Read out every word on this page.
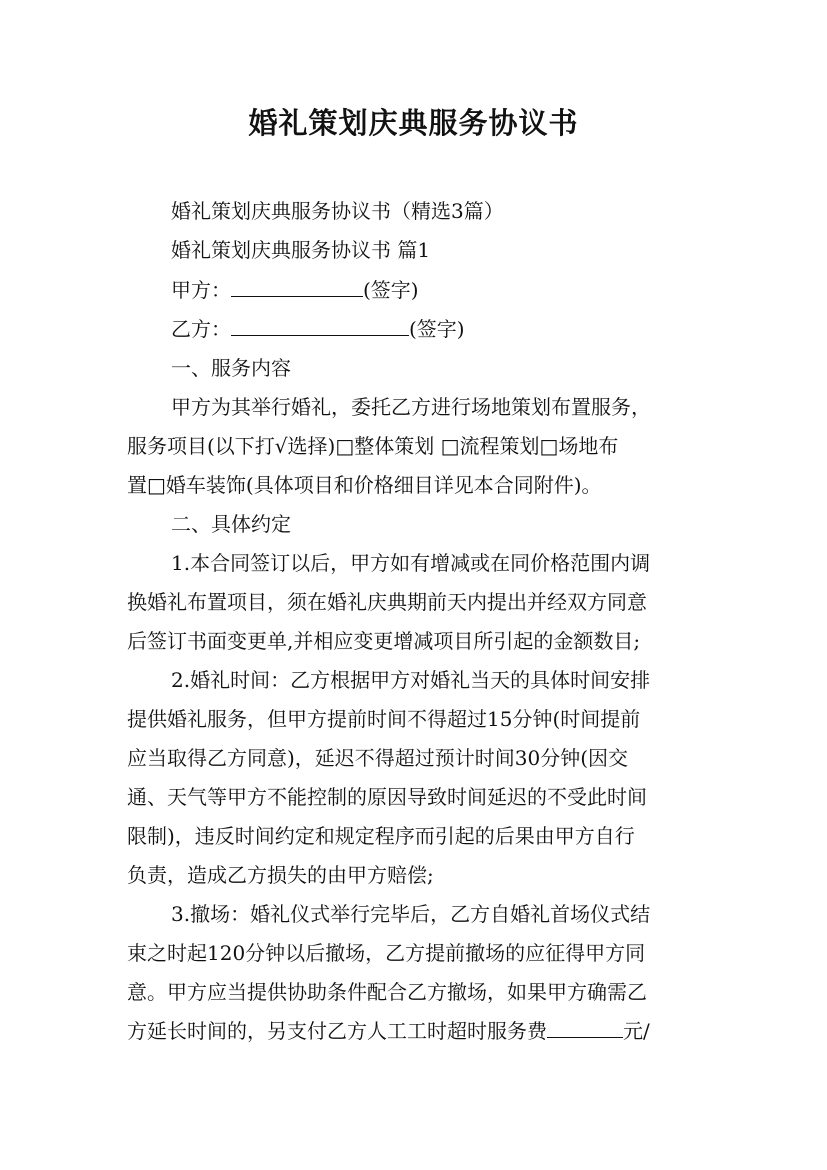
婚礼策划庆典服务协议书
婚礼策划庆典服务协议书（精选3篇）
婚礼策划庆典服务协议书 篇1
甲方：	(签字)
乙方：	(签字)
一、服务内容
甲方为其举行婚礼，委托乙方进行场地策划布置服务，
服务项目(以下打√选择)□整体策划 □流程策划□场地布
置□婚车装饰(具体项目和价格细目详见本合同附件)。
二、具体约定
1.本合同签订以后，甲方如有增减或在同价格范围内调
换婚礼布置项目，须在婚礼庆典期前天内提出并经双方同意
后签订书面变更单,并相应变更增减项目所引起的金额数目;
2.婚礼时间：乙方根据甲方对婚礼当天的具体时间安排
提供婚礼服务，但甲方提前时间不得超过15分钟(时间提前
应当取得乙方同意)，延迟不得超过预计时间30分钟(因交
通、天气等甲方不能控制的原因导致时间延迟的不受此时间
限制)，违反时间约定和规定程序而引起的后果由甲方自行
负责，造成乙方损失的由甲方赔偿;
3.撤场：婚礼仪式举行完毕后，乙方自婚礼首场仪式结
束之时起120分钟以后撤场，乙方提前撤场的应征得甲方同
意。甲方应当提供协助条件配合乙方撤场，如果甲方确需乙
方延长时间的，另支付乙方人工工时超时服务费	元/
